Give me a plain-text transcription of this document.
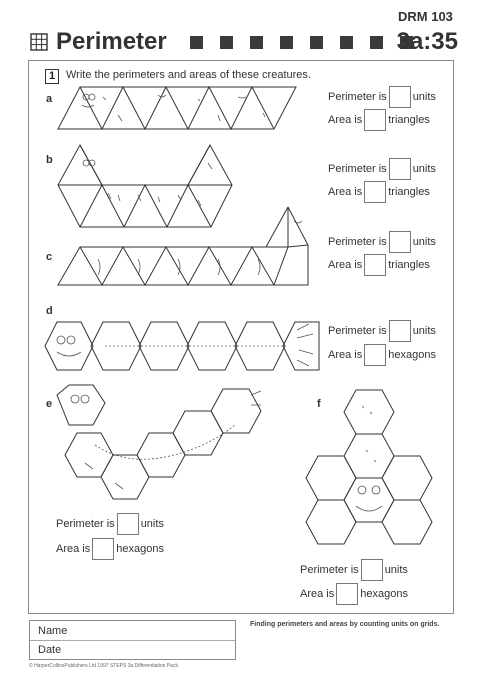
DRM 103
Perimeter	3a:35
1 Write the perimeters and areas of these creatures.
a
b
c
d
e	f
Perimeter is units
Area is triangles
Perimeter is units
Area is triangles
Perimeter is units
Area is triangles
Perimeter is units
Area is hexagons
Perimeter is units
Area is hexagons
Perimeter is units
Area is hexagons
Name
Date
Finding perimeters and areas by counting units on grids.
© HarperCollinsPublishers Ltd 1997 STEPS 3a Differentiation Pack
